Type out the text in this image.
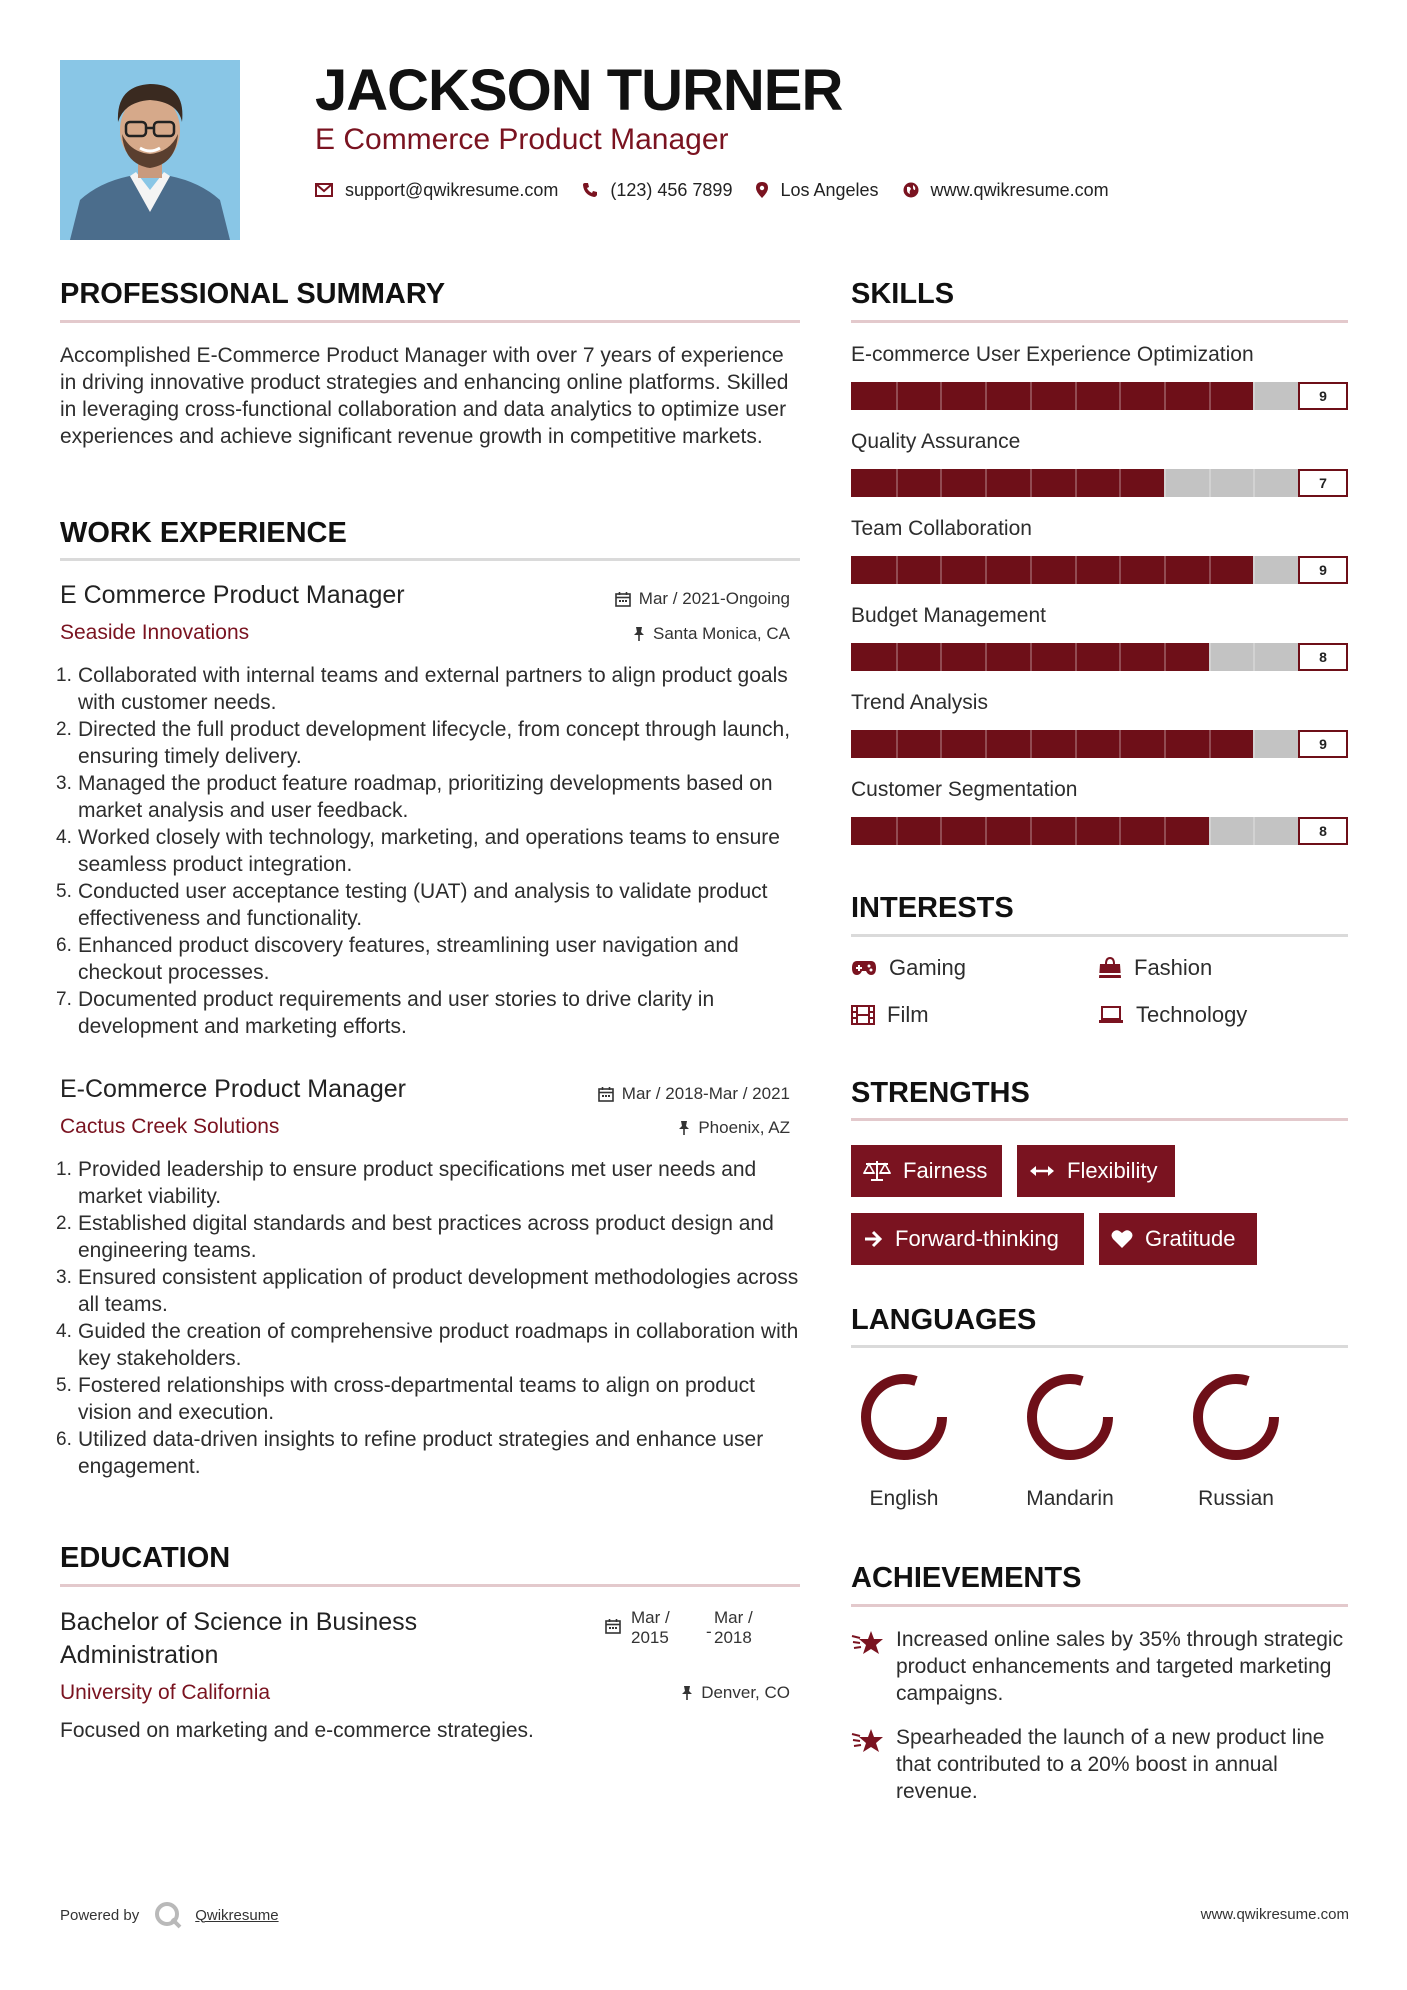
JACKSON TURNER
E Commerce Product Manager
support@qwikresume.com	(123) 456 7899	Los Angeles	www.qwikresume.com
PROFESSIONAL SUMMARY
Accomplished E-Commerce Product Manager with over 7 years of experience in driving innovative product strategies and enhancing online platforms. Skilled in leveraging cross-functional collaboration and data analytics to optimize user experiences and achieve significant revenue growth in competitive markets.
WORK EXPERIENCE
E Commerce Product Manager
Seaside Innovations
Mar / 2021-Ongoing
Santa Monica, CA
1. Collaborated with internal teams and external partners to align product goals with customer needs.
2. Directed the full product development lifecycle, from concept through launch, ensuring timely delivery.
3. Managed the product feature roadmap, prioritizing developments based on market analysis and user feedback.
4. Worked closely with technology, marketing, and operations teams to ensure seamless product integration.
5. Conducted user acceptance testing (UAT) and analysis to validate product effectiveness and functionality.
6. Enhanced product discovery features, streamlining user navigation and checkout processes.
7. Documented product requirements and user stories to drive clarity in development and marketing efforts.
E-Commerce Product Manager
Cactus Creek Solutions
Mar / 2018-Mar / 2021
Phoenix, AZ
1. Provided leadership to ensure product specifications met user needs and market viability.
2. Established digital standards and best practices across product design and engineering teams.
3. Ensured consistent application of product development methodologies across all teams.
4. Guided the creation of comprehensive product roadmaps in collaboration with key stakeholders.
5. Fostered relationships with cross-departmental teams to align on product vision and execution.
6. Utilized data-driven insights to refine product strategies and enhance user engagement.
EDUCATION
Bachelor of Science in Business Administration
Mar /
2015 -
Mar /
2018
University of California	Denver, CO
Focused on marketing and e-commerce strategies.
SKILLS
E-commerce User Experience Optimization
9
Quality Assurance
7
Team Collaboration
9
Budget Management
8
Trend Analysis
9
Customer Segmentation
8
INTERESTS
Gaming	Fashion
Film	Technology
STRENGTHS
Fairness	Flexibility
Forward-thinking	Gratitude
LANGUAGES
English	Mandarin	Russian
ACHIEVEMENTS
Increased online sales by 35% through strategic product enhancements and targeted marketing campaigns.
Spearheaded the launch of a new product line that contributed to a 20% boost in annual revenue.
Powered by	Qwikresume	www.qwikresume.com
